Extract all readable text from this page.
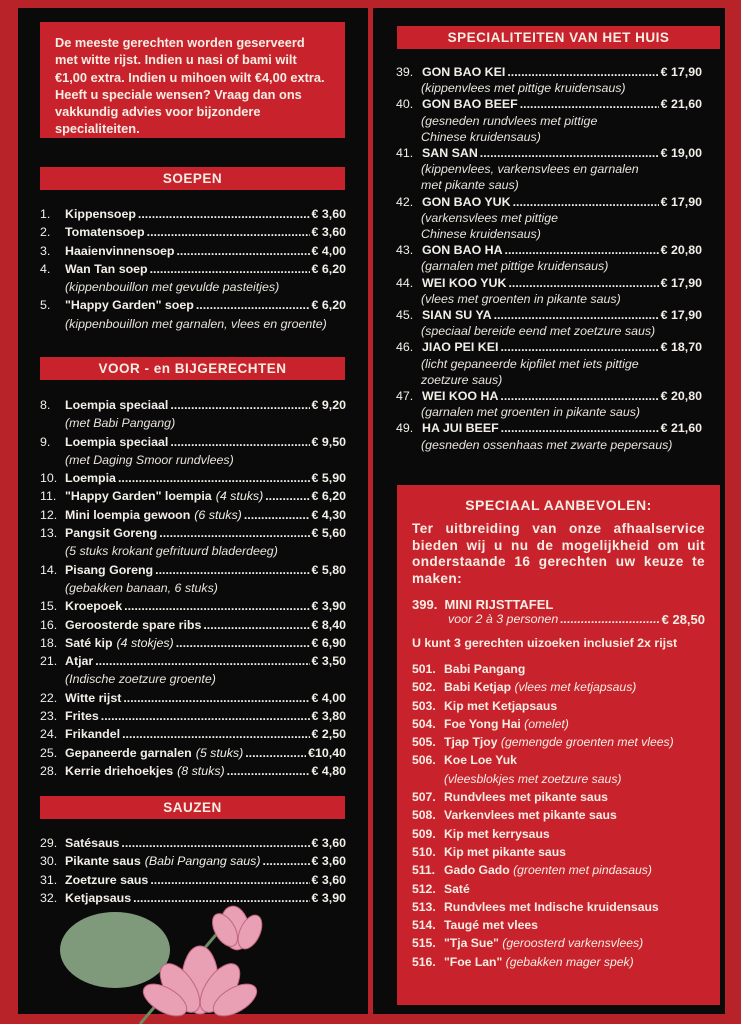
De meeste gerechten worden geserveerd met witte rijst. Indien u nasi of bami wilt €1,00 extra. Indien u mihoen wilt €4,00 extra. Heeft u speciale wensen? Vraag dan ons vakkundig advies voor bijzondere specialiteiten.
SOEPEN
1.	Kippensoep .....	€ 3,60
2.	Tomatensoep .....	€ 3,60
3.	Haaienvinnensoep .....	€ 4,00
4.	Wan Tan soep .....	€ 6,20
(kippenbouillon met gevulde pasteitjes)
5.	"Happy Garden" soep .....	€ 6,20
(kippenbouillon met garnalen, vlees en groente)
VOOR - en BIJGERECHTEN
8.	Loempia speciaal .....	€ 9,20
(met Babi Pangang)
9.	Loempia speciaal .....	€ 9,50
(met Daging Smoor rundvlees)
10. Loempia .....	€ 5,90
11. "Happy Garden" loempia (4 stuks) .....	€ 6,20
12. Mini loempia gewoon (6 stuks) .....	€ 4,30
13. Pangsit Goreng .....	€ 5,60
(5 stuks krokant gefrituurd bladerdeeg)
14. Pisang Goreng .....	€ 5,80
(gebakken banaan, 6 stuks)
15. Kroepoek .....	€ 3,90
16. Geroosterde spare ribs .....	€ 8,40
18. Saté kip (4 stokjes) .....	€ 6,90
21. Atjar .....	€ 3,50
(Indische zoetzure groente)
22. Witte rijst .....	€ 4,00
23. Frites .....	€ 3,80
24. Frikandel .....	€ 2,50
25. Gepaneerde garnalen (5 stuks) .....	€10,40
28. Kerrie driehoekjes (8 stuks) .....	€ 4,80
SAUZEN
29. Satésaus .....	€ 3,60
30. Pikante saus (Babi Pangang saus) .....	€ 3,60
31. Zoetzure saus .....	€ 3,60
32. Ketjapsaus .....	€ 3,90
SPECIALITEITEN VAN HET HUIS
39. GON BAO KEI .....	€ 17,90
(kippenvlees met pittige kruidensaus)
40. GON BAO BEEF .....	€ 21,60
(gesneden rundvlees met pittige
Chinese kruidensaus)
41. SAN SAN .....	€ 19,00
(kippenvlees, varkensvlees en garnalen
met pikante saus)
42. GON BAO YUK .....	€ 17,90
(varkensvlees met pittige
Chinese kruidensaus)
43. GON BAO HA .....	€ 20,80
(garnalen met pittige kruidensaus)
44. WEI KOO YUK .....	€ 17,90
(vlees met groenten in pikante saus)
45. SIAN SU YA .....	€ 17,90
(speciaal bereide eend met zoetzure saus)
46. JIAO PEI KEI .....	€ 18,70
(licht gepaneerde kipfilet met iets pittige
zoetzure saus)
47. WEI KOO HA .....	€ 20,80
(garnalen met groenten in pikante saus)
49. HA JUI BEEF .....	€ 21,60
(gesneden ossenhaas met zwarte pepersaus)
SPECIAAL AANBEVOLEN:
Ter uitbreiding van onze afhaalservice bieden wij u nu de mogelijkheid om uit onderstaande 16 gerechten uw keuze te maken:
399. MINI RIJSTTAFEL
voor 2 à 3 personen .....	€ 28,50
U kunt 3 gerechten uizoeken inclusief 2x rijst
501. Babi Pangang
502. Babi Ketjap (vlees met ketjapsaus)
503. Kip met Ketjapsaus
504. Foe Yong Hai (omelet)
505. Tjap Tjoy (gemengde groenten met vlees)
506. Koe Loe Yuk
(vleesblokjes met zoetzure saus)
507. Rundvlees met pikante saus
508. Varkenvlees met pikante saus
509. Kip met kerrysaus
510. Kip met pikante saus
511. Gado Gado (groenten met pindasaus)
512. Saté
513. Rundvlees met Indische kruidensaus
514. Taugé met vlees
515. "Tja Sue" (geroosterd varkensvlees)
516. "Foe Lan" (gebakken mager spek)
